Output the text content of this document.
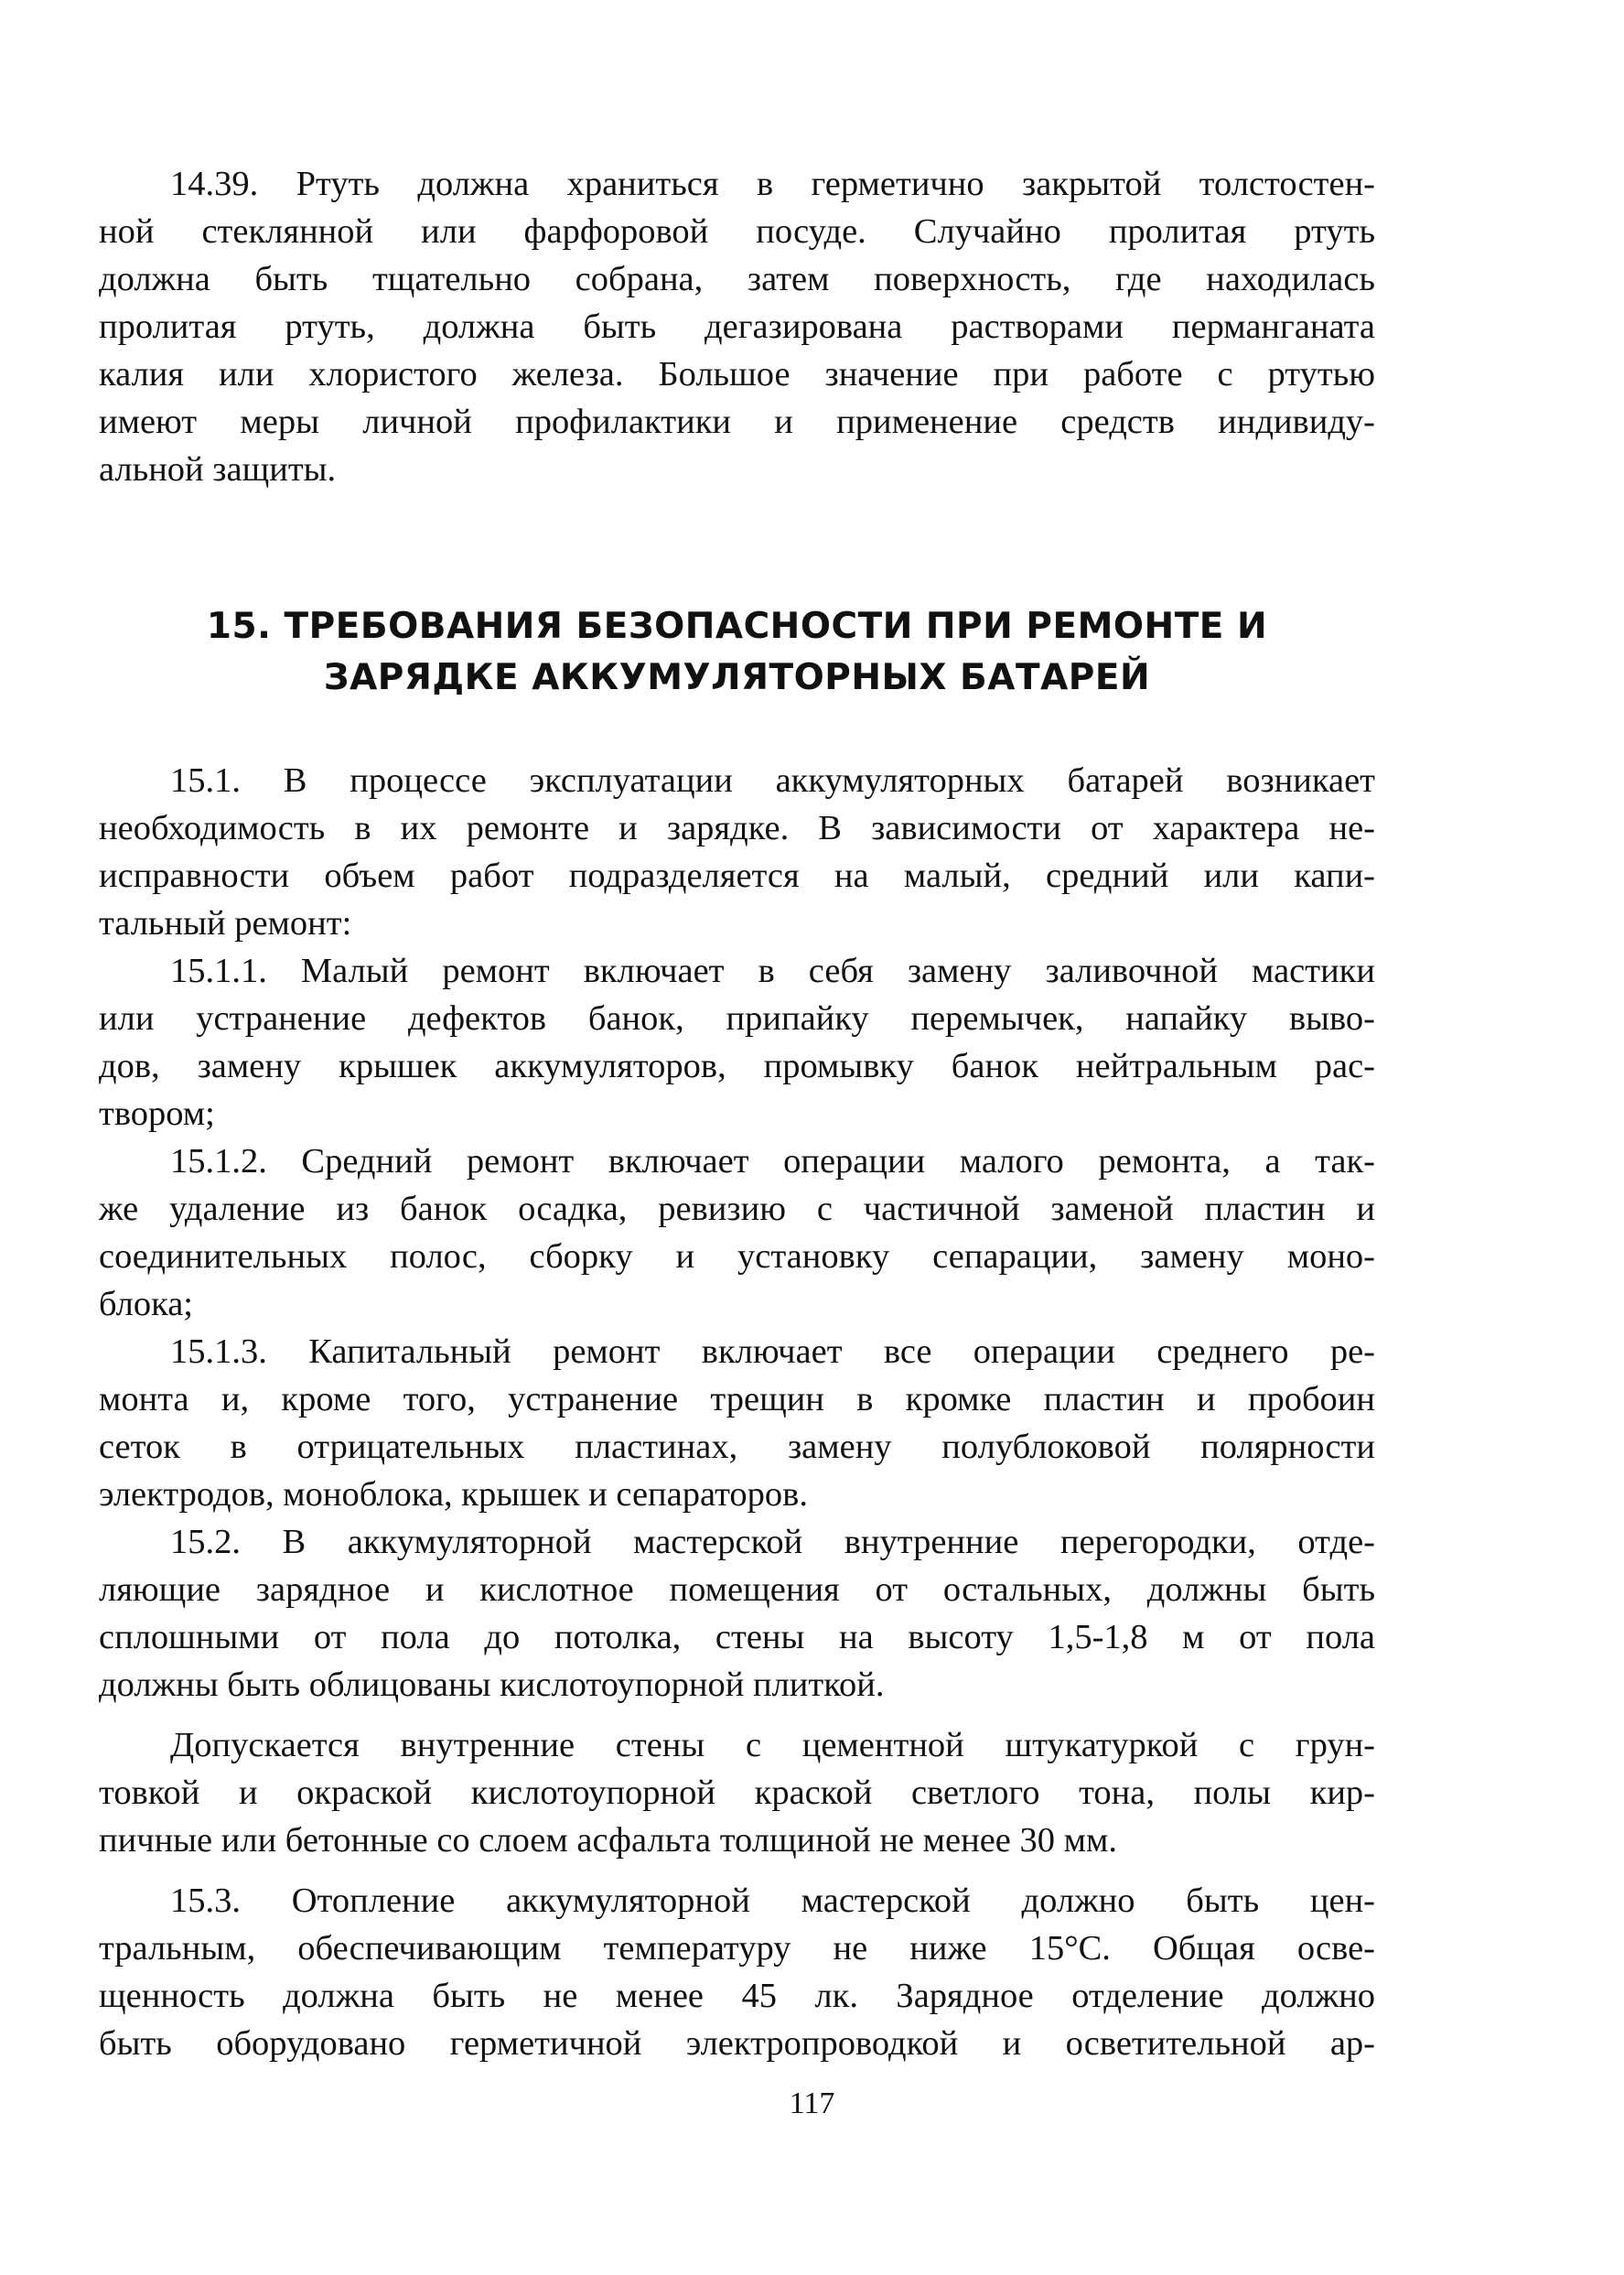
14.39. Ртуть должна храниться в герметично закрытой толстостен-
ной стеклянной или фарфоровой посуде. Случайно пролитая ртуть
должна быть тщательно собрана, затем поверхность, где находилась
пролитая ртуть, должна быть дегазирована растворами перманганата
калия или хлористого железа. Большое значение при работе с ртутью
имеют меры личной профилактики и применение средств индивиду-
альной защиты.
15. ТРЕБОВАНИЯ БЕЗОПАСНОСТИ ПРИ РЕМОНТЕ И
ЗАРЯДКЕ АККУМУЛЯТОРНЫХ БАТАРЕЙ
15.1. В процессе эксплуатации аккумуляторных батарей возникает
необходимость в их ремонте и зарядке. В зависимости от характера не-
исправности объем работ подразделяется на малый, средний или капи-
тальный ремонт:
15.1.1. Малый ремонт включает в себя замену заливочной мастики
или устранение дефектов банок, припайку перемычек, напайку выво-
дов, замену крышек аккумуляторов, промывку банок нейтральным рас-
твором;
15.1.2. Средний ремонт включает операции малого ремонта, а так-
же удаление из банок осадка, ревизию с частичной заменой пластин и
соединительных полос, сборку и установку сепарации, замену моно-
блока;
15.1.3. Капитальный ремонт включает все операции среднего ре-
монта и, кроме того, устранение трещин в кромке пластин и пробоин
сеток в отрицательных пластинах, замену полублоковой полярности
электродов, моноблока, крышек и сепараторов.
15.2. В аккумуляторной мастерской внутренние перегородки, отде-
ляющие зарядное и кислотное помещения от остальных, должны быть
сплошными от пола до потолка, стены на высоту 1,5-1,8 м от пола
должны быть облицованы кислотоупорной плиткой.
Допускается внутренние стены с цементной штукатуркой с грун-
товкой и окраской кислотоупорной краской светлого тона, полы кир-
пичные или бетонные со слоем асфальта толщиной не менее 30 мм.
15.3. Отопление аккумуляторной мастерской должно быть цен-
тральным, обеспечивающим температуру не ниже 15°С. Общая осве-
щенность должна быть не менее 45 лк. Зарядное отделение должно
быть оборудовано герметичной электропроводкой и осветительной ар-
117
